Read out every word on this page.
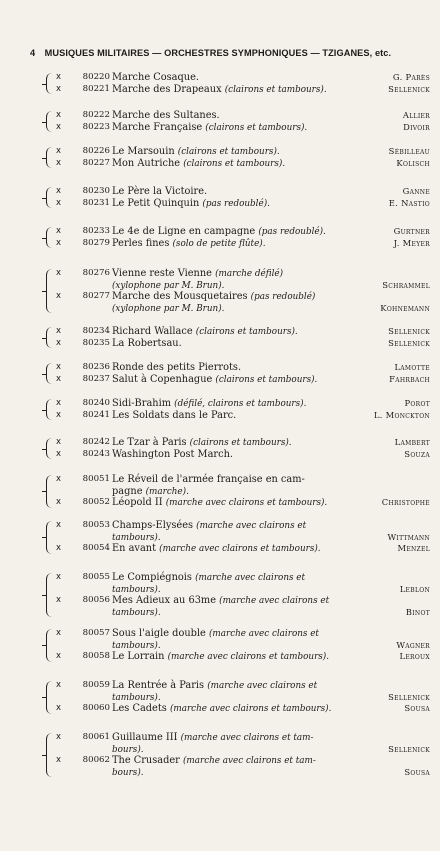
4 MUSIQUES MILITAIRES — ORCHESTRES SYMPHONIQUES — TZIGANES, etc.
x	80220 Marche Cosaque.	G. Parès
x	80221 Marche des Drapeaux (clairons et tambours).	Sellenick
x	80222 Marche des Sultanes.	Allier
x	80223 Marche Française (clairons et tambours).	Divoir
x	80226 Le Marsouin (clairons et tambours).	Sébilleau
x	80227 Mon Autriche (clairons et tambours).	Kolisch
x	80230 Le Père la Victoire.	Ganne
x	80231 Le Petit Quinquin (pas redoublé).	E. Nastio
x	80233 Le 4e de Ligne en campagne (pas redoublé).	Gurtner
x	80279 Perles fines (solo de petite flûte).	J. Meyer
x	80276 Vienne reste Vienne (marche défilé)
(xylophone par M. Brun).	Schrammel
x	80277 Marche des Mousquetaires (pas redoublé)
(xylophone par M. Brun).	Kohnemann
x	80234 Richard Wallace (clairons et tambours).	Sellenick
x	80235 La Robertsau.	Sellenick
x	80236 Ronde des petits Pierrots.	Lamotte
x	80237 Salut à Copenhague (clairons et tambours).	Fahrbach
x	80240 Sidi-Brahim (défilé, clairons et tambours).	Porot
x	80241 Les Soldats dans le Parc.	L. Monckton
x	80242 Le Tzar à Paris (clairons et tambours).	Lambert
x	80243 Washington Post March.	Souza
x	80051 Le Réveil de l'armée française en cam-
pagne (marche).
x	80052 Léopold II (marche avec clairons et tambours).	Christophe
x	80053 Champs-Elysées (marche avec clairons et
tambours).	Wittmann
x	80054 En avant (marche avec clairons et tambours).	Menzel
x	80055 Le Compiégnois (marche avec clairons et
tambours).	Leblon
x	80056 Mes Adieux au 63me (marche avec clairons et
tambours).	Binot
x	80057 Sous l'aigle double (marche avec clairons et
tambours).	Wagner
x	80058 Le Lorrain (marche avec clairons et tambours).	Leroux
x	80059 La Rentrée à Paris (marche avec clairons et
tambours).	Sellenick
x	80060 Les Cadets (marche avec clairons et tambours).	Sousa
x	80061 Guillaume III (marche avec clairons et tam-
bours).	Sellenick
x	80062 The Crusader (marche avec clairons et tam-
bours).	Sousa
